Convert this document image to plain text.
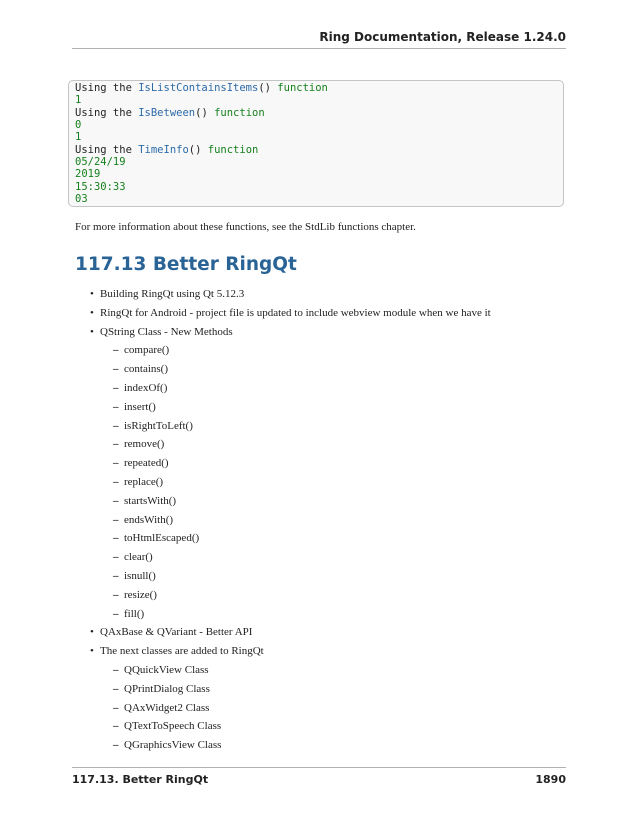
Ring Documentation, Release 1.24.0
Using the IsListContainsItems() function
1
Using the IsBetween() function
0
1
Using the TimeInfo() function
05/24/19
2019
15:30:33
03

For more information about these functions, see the StdLib functions chapter.

117.13 Better RingQt
• Building RingQt using Qt 5.12.3
• RingQt for Android - project file is updated to include webview module when we have it
• QString Class - New Methods
– compare()
– contains()
– indexOf()
– insert()
– isRightToLeft()
– remove()
– repeated()
– replace()
– startsWith()
– endsWith()
– toHtmlEscaped()
– clear()
– isnull()
– resize()
– fill()
• QAxBase & QVariant - Better API
• The next classes are added to RingQt
– QQuickView Class
– QPrintDialog Class
– QAxWidget2 Class
– QTextToSpeech Class
– QGraphicsView Class
117.13. Better RingQt	1890
